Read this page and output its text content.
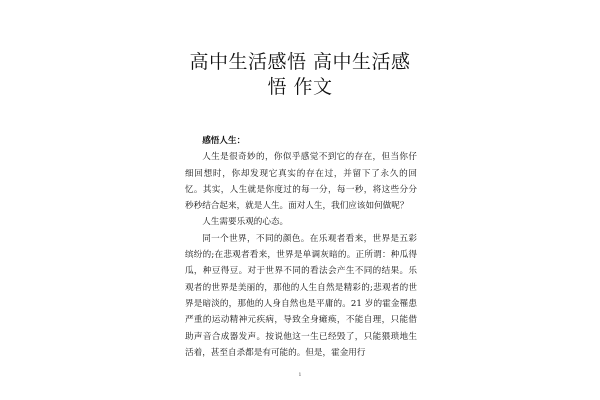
高中生活感悟 高中生活感
悟 作文

感悟人生：

人生是很奇妙的，你似乎感觉不到它的存在，但当你仔细回想时，你却发现它真实的存在过，并留下了永久的回忆。其实，人生就是你度过的每一分，每一秒，将这些分分秒秒结合起来，就是人生。面对人生，我们应该如何做呢？

人生需要乐观的心态。

同一个世界，不同的颜色。在乐观者看来，世界是五彩缤纷的;在悲观者看来，世界是单调灰暗的。正所谓：种瓜得瓜，种豆得豆。对于世界不同的看法会产生不同的结果。乐观者的世界是美丽的，那他的人生自然是精彩的;悲观者的世界是暗淡的，那他的人身自然也是平庸的。21 岁的霍金罹患严重的运动精神元疾病，导致全身瘫痪，不能自理，只能借助声音合成器发声。按说他这一生已经毁了，只能猥琐地生活着，甚至自杀都是有可能的。但是，霍金用行

1
